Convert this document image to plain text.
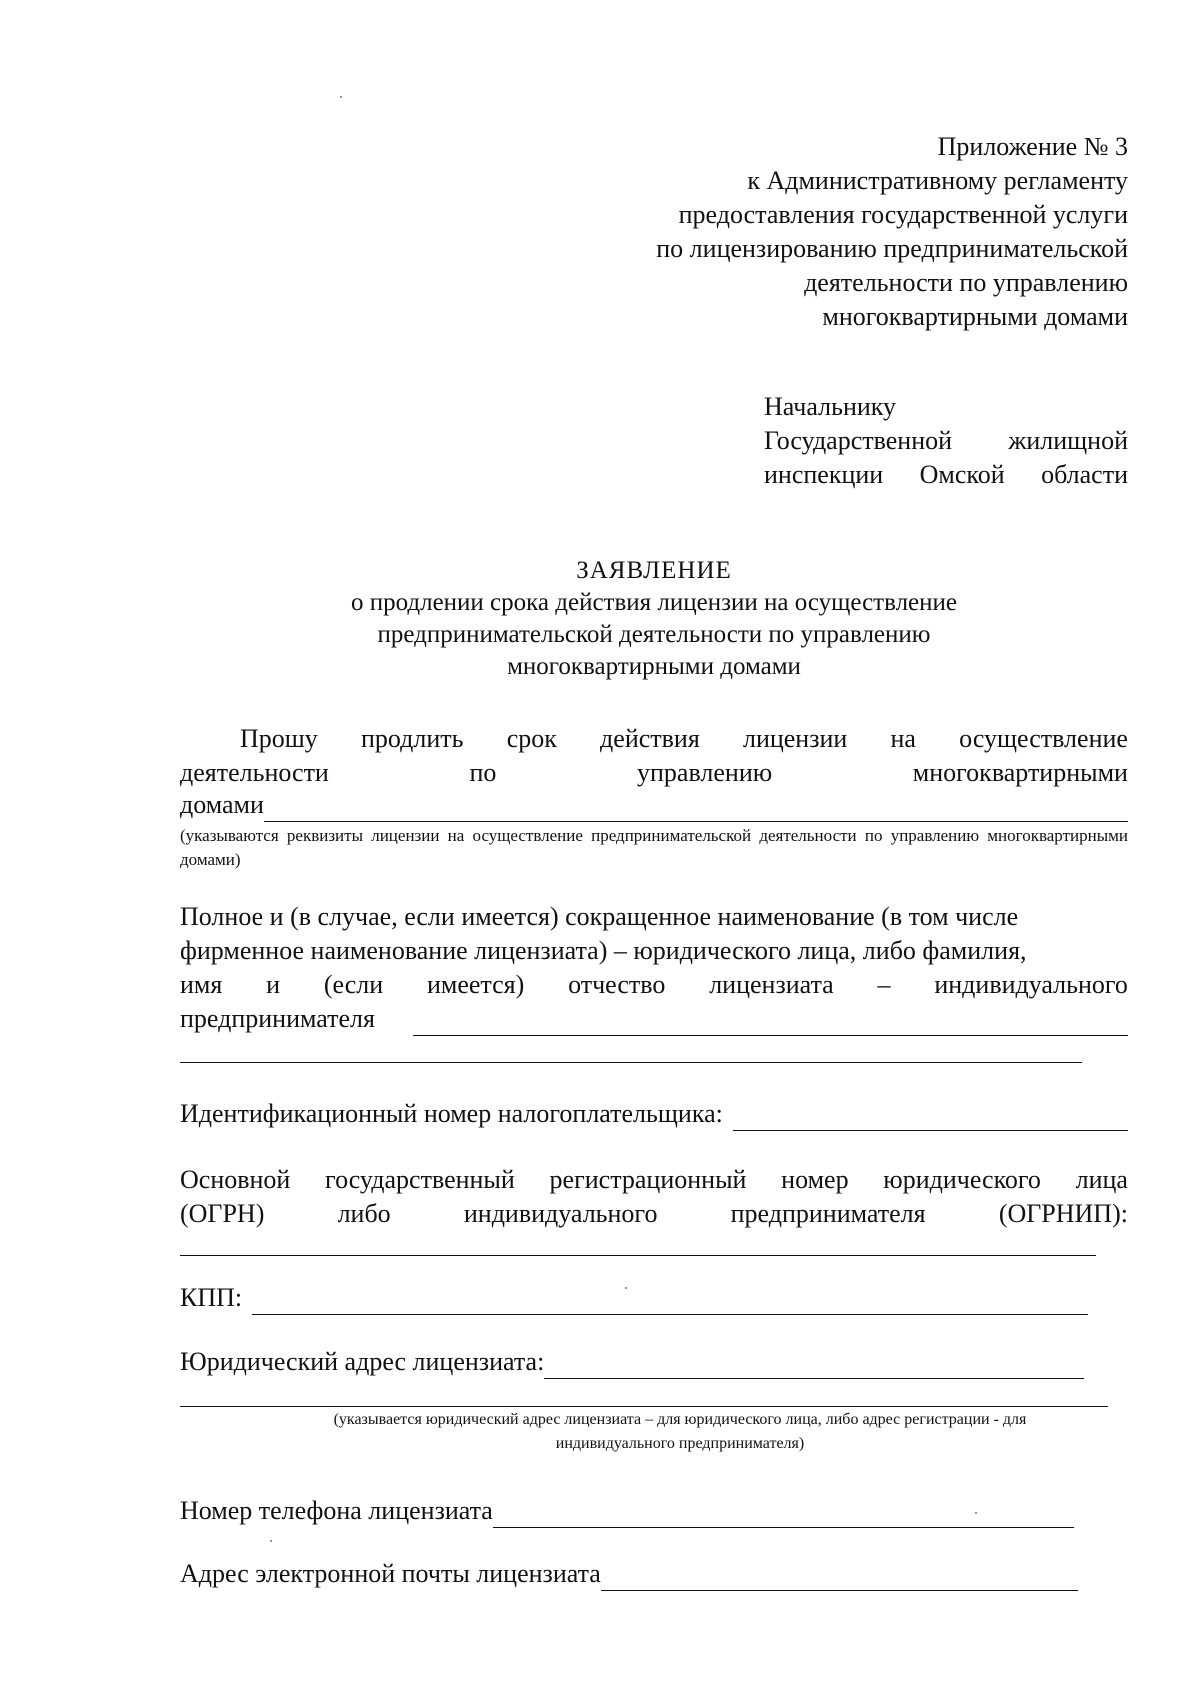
Приложение № 3
к Административному регламенту
предоставления государственной услуги
по лицензированию предпринимательской
деятельности по управлению
многоквартирными домами
Начальнику
Государственной жилищной
инспекции Омской области
ЗАЯВЛЕНИЕ
о продлении срока действия лицензии на осуществление
предпринимательской деятельности по управлению
многоквартирными домами
Прошу продлить срок действия лицензии на осуществление
деятельности	по	управлению	многоквартирными
домами
(указываются реквизиты лицензии на осуществление предпринимательской деятельности по управлению многоквартирными домами)
Полное и (в случае, если имеется) сокращенное наименование (в том числе
фирменное наименование лицензиата) – юридического лица, либо фамилия,
имя и (если имеется) отчество лицензиата – индивидуального
предпринимателя
Идентификационный номер налогоплательщика:
Основной государственный регистрационный номер юридического лица
(ОГРН)	либо	индивидуального	предпринимателя	(ОГРНИП):
КПП:
Юридический адрес лицензиата:
(указывается юридический адрес лицензиата – для юридического лица, либо адрес регистрации - для
индивидуального предпринимателя)
Номер телефона лицензиата
Адрес электронной почты лицензиата
